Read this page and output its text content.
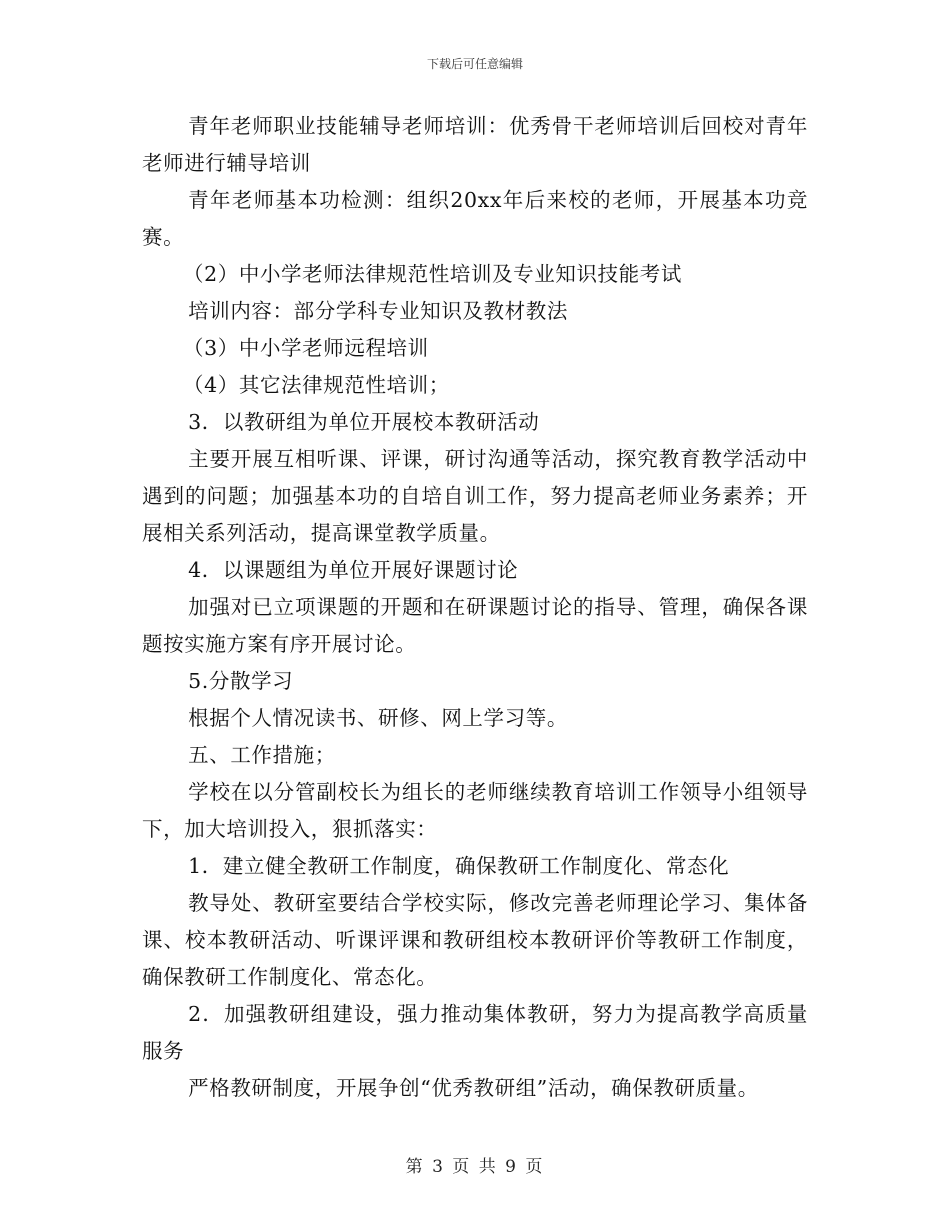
下载后可任意编辑

青年老师职业技能辅导老师培训：优秀骨干老师培训后回校对青年老师进行辅导培训

青年老师基本功检测：组织20xx年后来校的老师，开展基本功竞赛。

（2）中小学老师法律规范性培训及专业知识技能考试

培训内容：部分学科专业知识及教材教法

（3）中小学老师远程培训

（4）其它法律规范性培训；

3．以教研组为单位开展校本教研活动

主要开展互相听课、评课，研讨沟通等活动，探究教育教学活动中遇到的问题；加强基本功的自培自训工作，努力提高老师业务素养；开展相关系列活动，提高课堂教学质量。

4．以课题组为单位开展好课题讨论

加强对已立项课题的开题和在研课题讨论的指导、管理，确保各课题按实施方案有序开展讨论。

5.分散学习

根据个人情况读书、研修、网上学习等。

五、工作措施；

学校在以分管副校长为组长的老师继续教育培训工作领导小组领导下，加大培训投入，狠抓落实：

1．建立健全教研工作制度，确保教研工作制度化、常态化

教导处、教研室要结合学校实际，修改完善老师理论学习、集体备课、校本教研活动、听课评课和教研组校本教研评价等教研工作制度，确保教研工作制度化、常态化。

2．加强教研组建设，强力推动集体教研，努力为提高教学高质量服务

严格教研制度，开展争创“优秀教研组”活动，确保教研质量。

第 3 页 共 9 页
